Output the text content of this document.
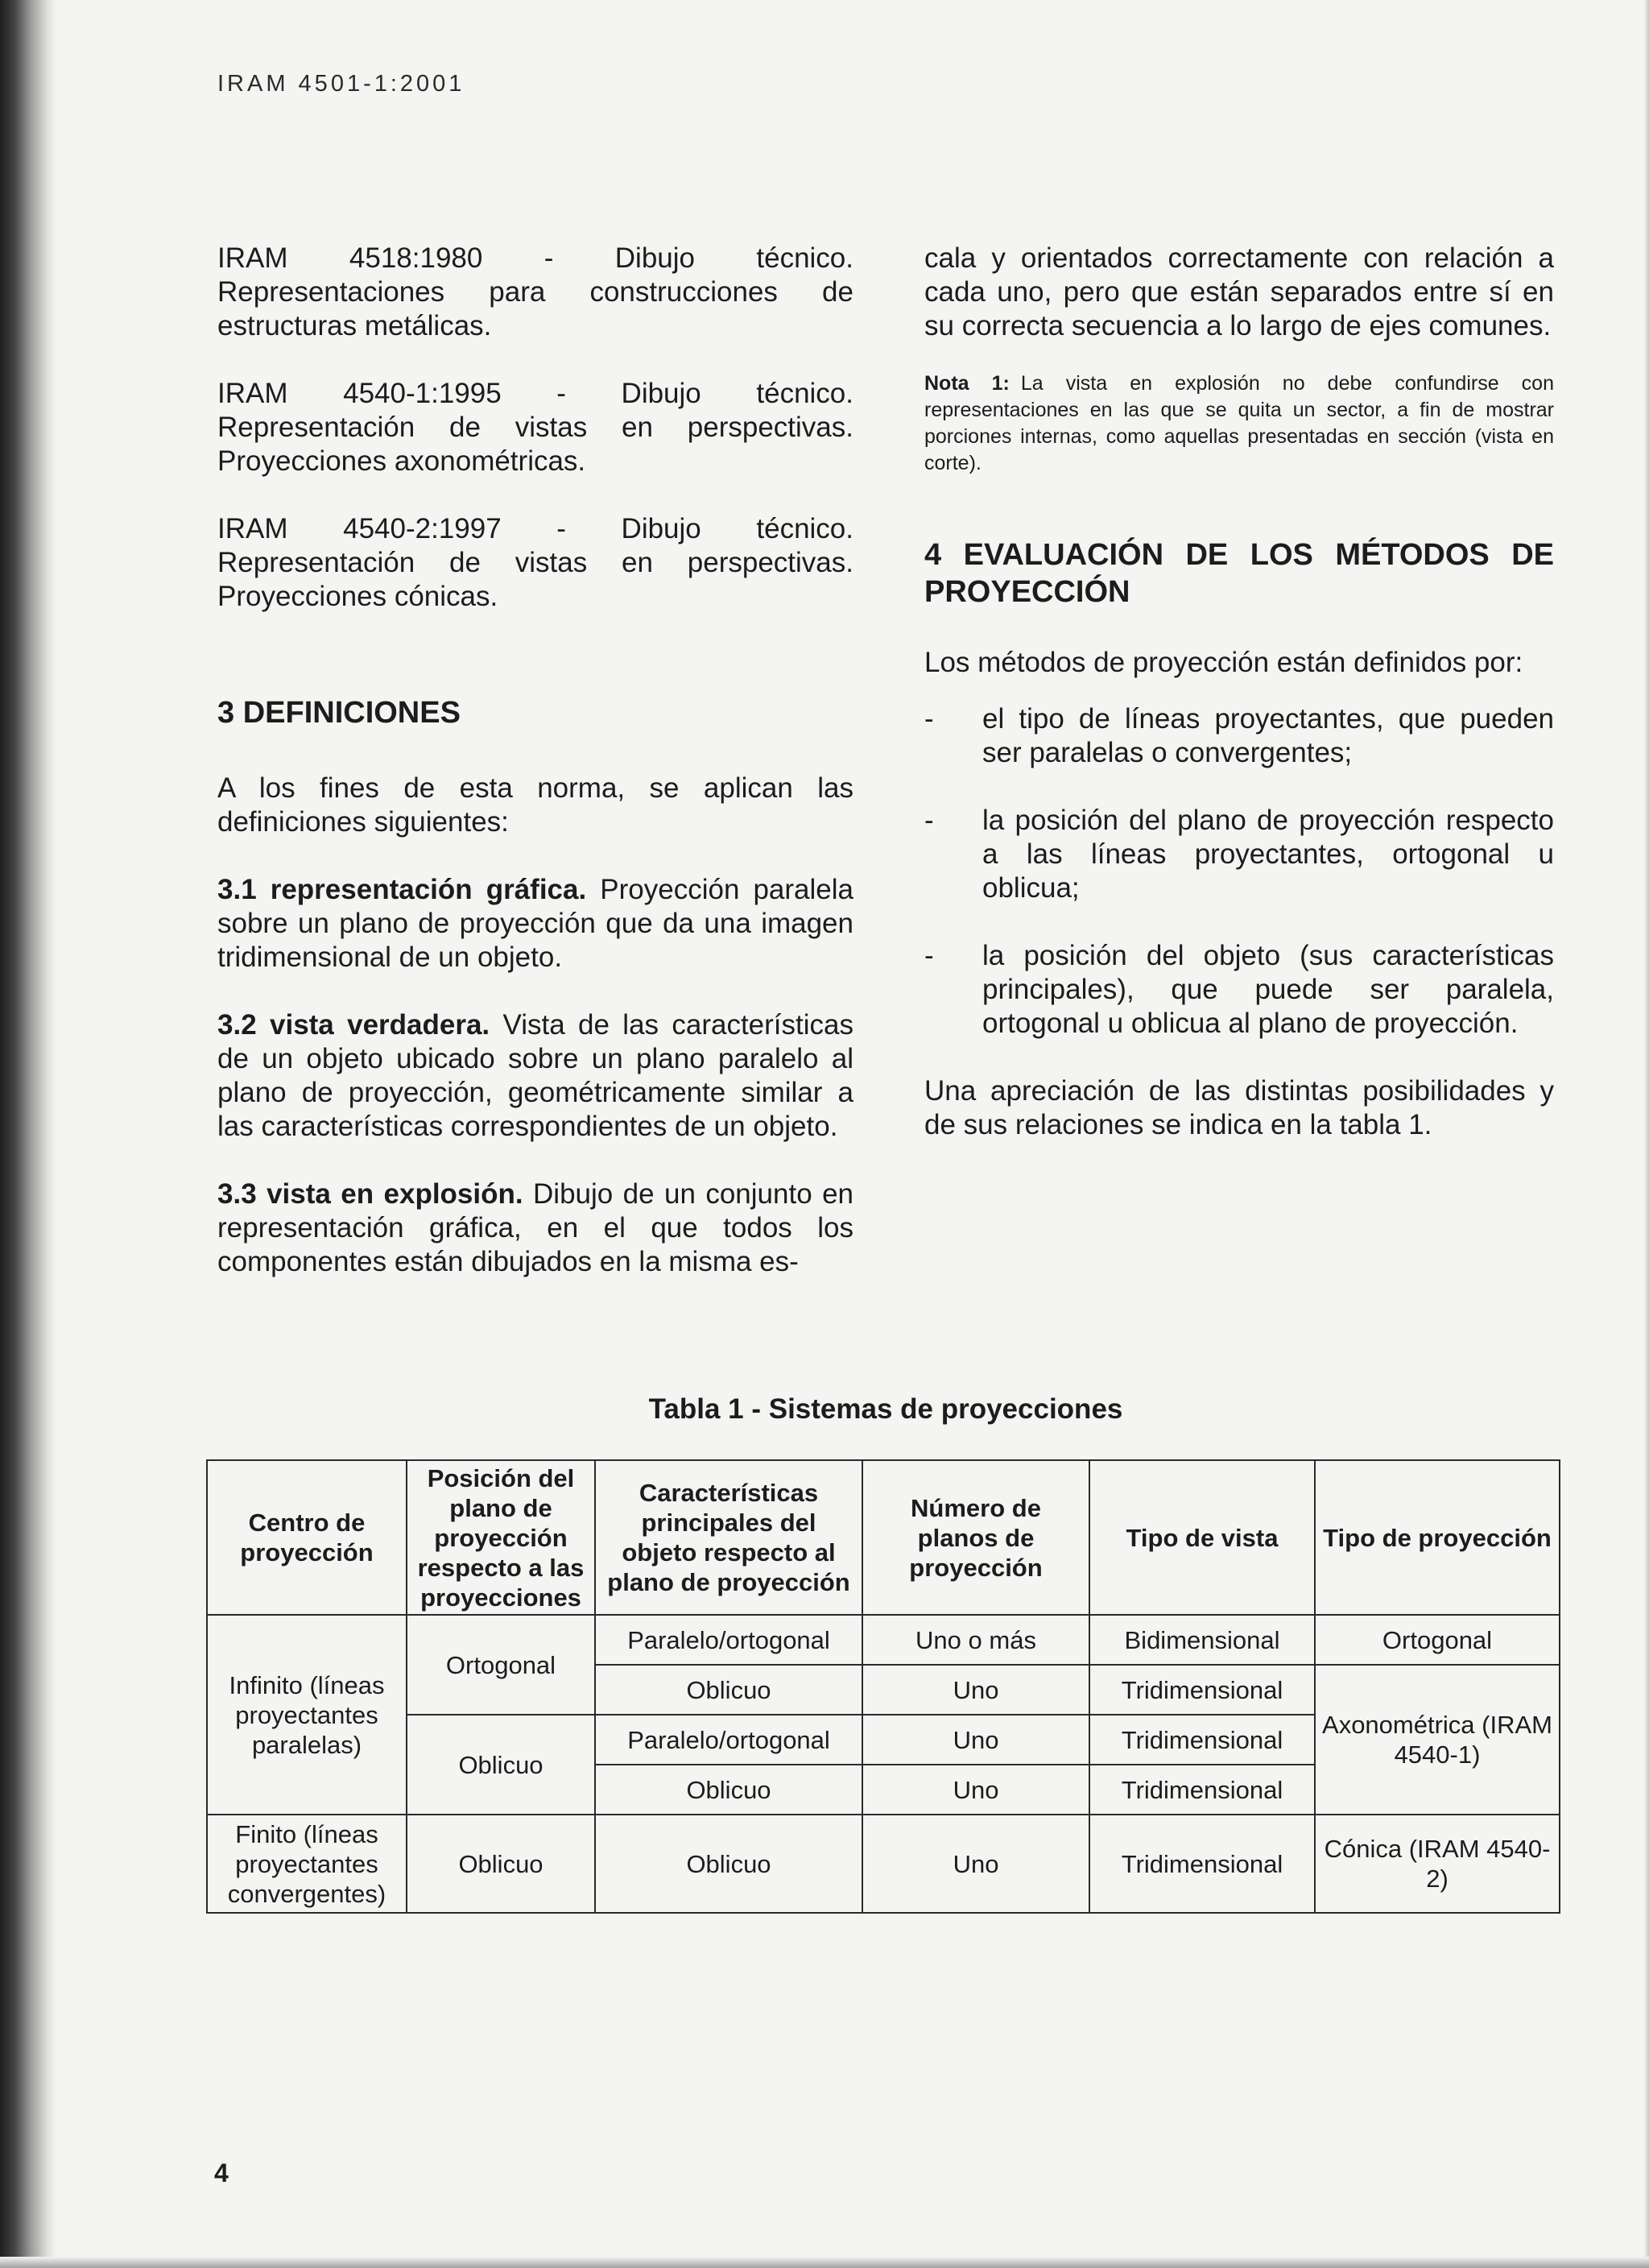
IRAM 4501-1:2001

IRAM 4518:1980 - Dibujo técnico. Representaciones para construcciones de estructuras metálicas.

IRAM 4540-1:1995 - Dibujo técnico. Representación de vistas en perspectivas. Proyecciones axonométricas.

IRAM 4540-2:1997 - Dibujo técnico. Representación de vistas en perspectivas. Proyecciones cónicas.

3 DEFINICIONES

A los fines de esta norma, se aplican las definiciones siguientes:

3.1 representación gráfica. Proyección paralela sobre un plano de proyección que da una imagen tridimensional de un objeto.

3.2 vista verdadera. Vista de las características de un objeto ubicado sobre un plano paralelo al plano de proyección, geométricamente similar a las características correspondientes de un objeto.

3.3 vista en explosión. Dibujo de un conjunto en representación gráfica, en el que todos los componentes están dibujados en la misma es-

cala y orientados correctamente con relación a cada uno, pero que están separados entre sí en su correcta secuencia a lo largo de ejes comunes.

Nota 1: La vista en explosión no debe confundirse con representaciones en las que se quita un sector, a fin de mostrar porciones internas, como aquellas presentadas en sección (vista en corte).

4 EVALUACIÓN DE LOS MÉTODOS DE PROYECCIÓN

Los métodos de proyección están definidos por:

- el tipo de líneas proyectantes, que pueden ser paralelas o convergentes;
- la posición del plano de proyección respecto a las líneas proyectantes, ortogonal u oblicua;
- la posición del objeto (sus características principales), que puede ser paralela, ortogonal u oblicua al plano de proyección.

Una apreciación de las distintas posibilidades y de sus relaciones se indica en la tabla 1.

Tabla 1 - Sistemas de proyecciones
Centro de proyección	Posición del plano de proyección respecto a las proyecciones	Características principales del objeto respecto al plano de proyección	Número de planos de proyección	Tipo de vista	Tipo de proyección
Infinito (líneas proyectantes paralelas)	Ortogonal	Paralelo/ortogonal	Uno o más	Bidimensional	Ortogonal
		Oblicuo	Uno	Tridimensional	Axonométrica (IRAM 4540-1)
	Oblicuo	Paralelo/ortogonal	Uno	Tridimensional	
		Oblicuo	Uno	Tridimensional	
Finito (líneas proyectantes convergentes)	Oblicuo	Oblicuo	Uno	Tridimensional	Cónica (IRAM 4540-2)
4
